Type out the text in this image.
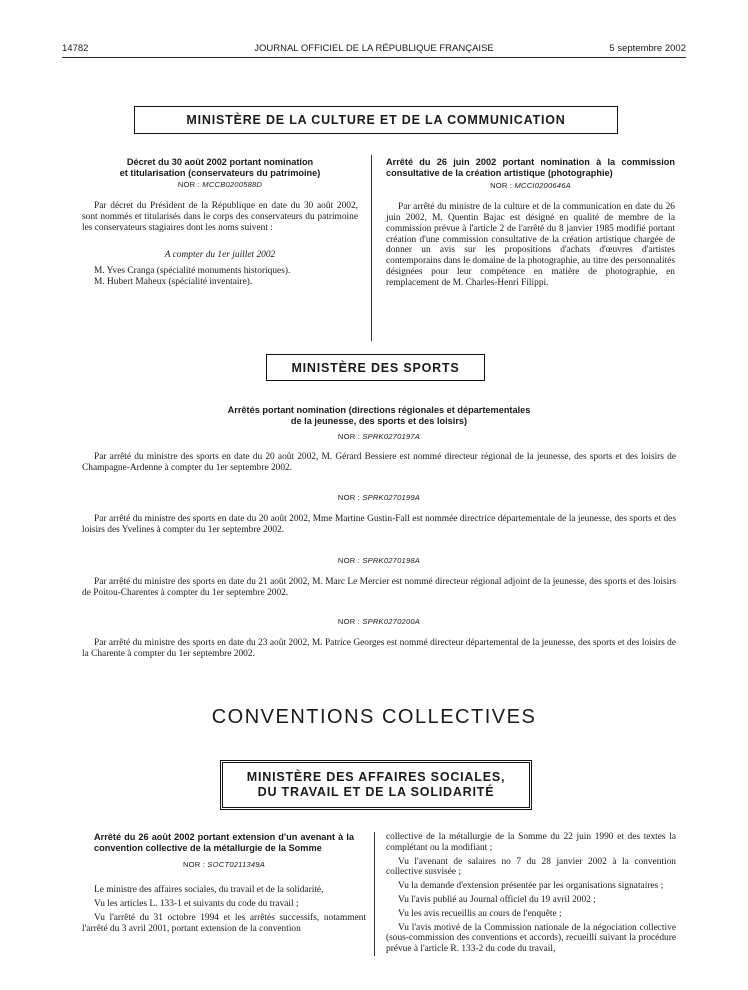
14782	JOURNAL OFFICIEL DE LA RÉPUBLIQUE FRANÇAISE	5 septembre 2002
MINISTÈRE DE LA CULTURE ET DE LA COMMUNICATION
Décret du 30 août 2002 portant nomination
et titularisation (conservateurs du patrimoine)
NOR : MCCB0200588D
Par décret du Président de la République en date du 30 août 2002, sont nommés et titularisés dans le corps des conservateurs du patrimoine les conservateurs stagiaires dont les noms suivent :
A compter du 1er juillet 2002
M. Yves Cranga (spécialité monuments historiques).
M. Hubert Maheux (spécialité inventaire).
Arrêté du 26 juin 2002 portant nomination à la commission consultative de la création artistique (photographie)
NOR : MCCI0200646A
Par arrêté du ministre de la culture et de la communication en date du 26 juin 2002, M. Quentin Bajac est désigné en qualité de membre de la commission prévue à l'article 2 de l'arrêté du 8 janvier 1985 modifié portant création d'une commission consultative de la création artistique chargée de donner un avis sur les propositions d'achats d'œuvres d'artistes contemporains dans le domaine de la photographie, au titre des personnalités désignées pour leur compétence en matière de photographie, en remplacement de M. Charles-Henri Filippi.
MINISTÈRE DES SPORTS
Arrêtés portant nomination (directions régionales et départementales
de la jeunesse, des sports et des loisirs)
NOR : SPRK0270197A
Par arrêté du ministre des sports en date du 20 août 2002, M. Gérard Bessiere est nommé directeur régional de la jeunesse, des sports et des loisirs de Champagne-Ardenne à compter du 1er septembre 2002.
NOR : SPRK0270199A
Par arrêté du ministre des sports en date du 20 août 2002, Mme Martine Gustin-Fall est nommée directrice départementale de la jeunesse, des sports et des loisirs des Yvelines à compter du 1er septembre 2002.
NOR : SPRK0270198A
Par arrêté du ministre des sports en date du 21 août 2002, M. Marc Le Mercier est nommé directeur régional adjoint de la jeunesse, des sports et des loisirs de Poitou-Charentes à compter du 1er septembre 2002.
NOR : SPRK0270200A
Par arrêté du ministre des sports en date du 23 août 2002, M. Patrice Georges est nommé directeur départemental de la jeunesse, des sports et des loisirs de la Charente à compter du 1er septembre 2002.
CONVENTIONS COLLECTIVES
MINISTÈRE DES AFFAIRES SOCIALES,
DU TRAVAIL ET DE LA SOLIDARITÉ
Arrêté du 26 août 2002 portant extension d'un avenant à la convention collective de la métallurgie de la Somme
NOR : SOCT0211349A
Le ministre des affaires sociales, du travail et de la solidarité,
Vu les articles L. 133-1 et suivants du code du travail ;
Vu l'arrêté du 31 octobre 1994 et les arrêtés successifs, notamment l'arrêté du 3 avril 2001, portant extension de la convention
collective de la métallurgie de la Somme du 22 juin 1990 et des textes la complétant ou la modifiant ;
Vu l'avenant de salaires no 7 du 28 janvier 2002 à la convention collective susvisée ;
Vu la demande d'extension présentée par les organisations signataires ;
Vu l'avis publié au Journal officiel du 19 avril 2002 ;
Vu les avis recueillis au cours de l'enquête ;
Vu l'avis motivé de la Commission nationale de la négociation collective (sous-commission des conventions et accords), recueilli suivant la procédure prévue à l'article R. 133-2 du code du travail,
